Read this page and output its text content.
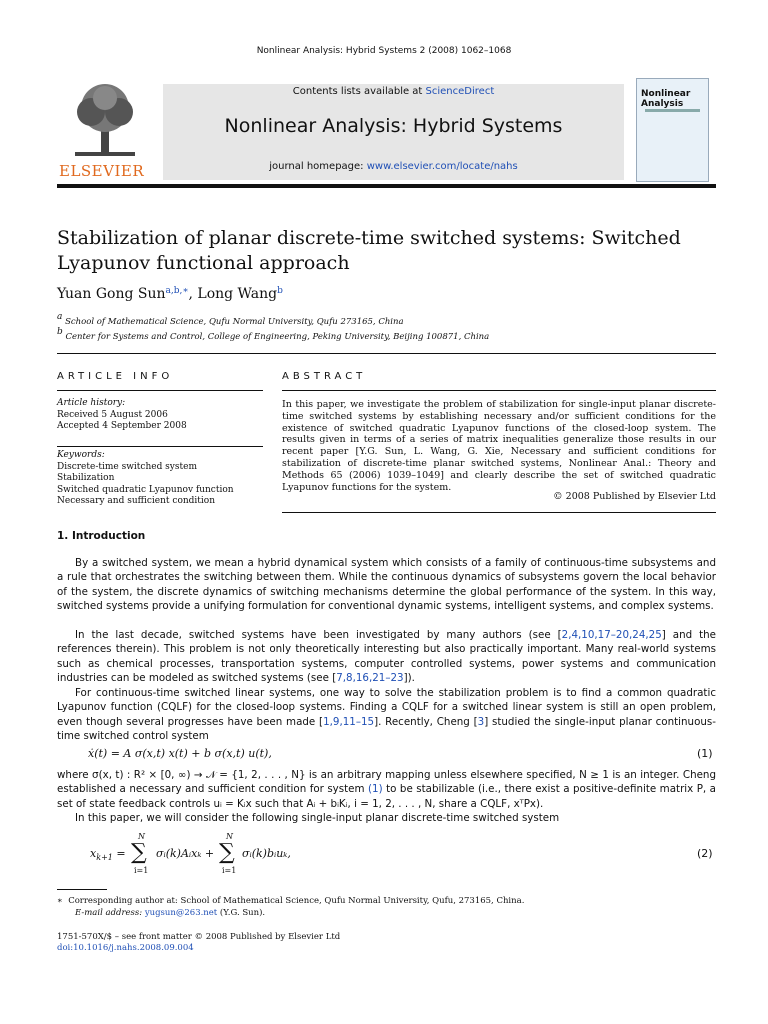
Nonlinear Analysis: Hybrid Systems 2 (2008) 1062–1068
ELSEVIER
Contents lists available at ScienceDirect
Nonlinear Analysis: Hybrid Systems
journal homepage: www.elsevier.com/locate/nahs
Nonlinear
Analysis
Stabilization of planar discrete-time switched systems: Switched
Lyapunov functional approach
Yuan Gong Sun$^{a,b,∗}$, Long Wang$^b$
$^a$ School of Mathematical Science, Qufu Normal University, Qufu 273165, China
$^b$ Center for Systems and Control, College of Engineering, Peking University, Beijing 100871, China
ARTICLE INFO
Article history:
Received 5 August 2006
Accepted 4 September 2008
Keywords:
Discrete-time switched system
Stabilization
Switched quadratic Lyapunov function
Necessary and sufficient condition
ABSTRACT
In this paper, we investigate the problem of stabilization for single-input planar discrete-time switched systems by establishing necessary and/or sufficient conditions for the existence of switched quadratic Lyapunov functions of the closed-loop system. The results given in terms of a series of matrix inequalities generalize those results in our recent paper [Y.G. Sun, L. Wang, G. Xie, Necessary and sufficient conditions for stabilization of discrete-time planar switched systems, Nonlinear Anal.: Theory and Methods 65 (2006) 1039–1049] and clearly describe the set of switched quadratic Lyapunov functions for the system.
© 2008 Published by Elsevier Ltd
1. Introduction
By a switched system, we mean a hybrid dynamical system which consists of a family of continuous-time subsystems and a rule that orchestrates the switching between them. While the continuous dynamics of subsystems govern the local behavior of the system, the discrete dynamics of switching mechanisms determine the global performance of the system. In this way, switched systems provide a unifying formulation for conventional dynamic systems, intelligent systems, and complex systems.
In the last decade, switched systems have been investigated by many authors (see [2,4,10,17–20,24,25] and the references therein). This problem is not only theoretically interesting but also practically important. Many real-world systems such as chemical processes, transportation systems, computer controlled systems, power systems and communication industries can be modeled as switched systems (see [7,8,16,21–23]).
For continuous-time switched linear systems, one way to solve the stabilization problem is to find a common quadratic Lyapunov function (CQLF) for the closed-loop systems. Finding a CQLF for a switched linear system is still an open problem, even though several progresses have been made [1,9,11–15]. Recently, Cheng [3] studied the single-input planar continuous-time switched control system
ẋ(t) = A σ(x,t) x(t) + b σ(x,t) u(t),	(1)
where σ(x, t) : R² × [0, ∞) → 𝒩 = {1, 2, . . . , N} is an arbitrary mapping unless elsewhere specified, N ≥ 1 is an integer. Cheng established a necessary and sufficient condition for system (1) to be stabilizable (i.e., there exist a positive-definite matrix P, a set of state feedback controls uᵢ = Kᵢx such that Aᵢ + bᵢKᵢ, i = 1, 2, . . . , N, share a CQLF, xᵀPx).
In this paper, we will consider the following single-input planar discrete-time switched system
$x_{k+1}$ =
N
∑
i=1
σᵢ(k)Aᵢxₖ +
N
∑
i=1
σᵢ(k)bᵢuₖ,	(2)
∗ Corresponding author at: School of Mathematical Science, Qufu Normal University, Qufu, 273165, China.
E-mail address: yugsun@263.net (Y.G. Sun).
1751-570X/$ – see front matter © 2008 Published by Elsevier Ltd
doi:10.1016/j.nahs.2008.09.004
